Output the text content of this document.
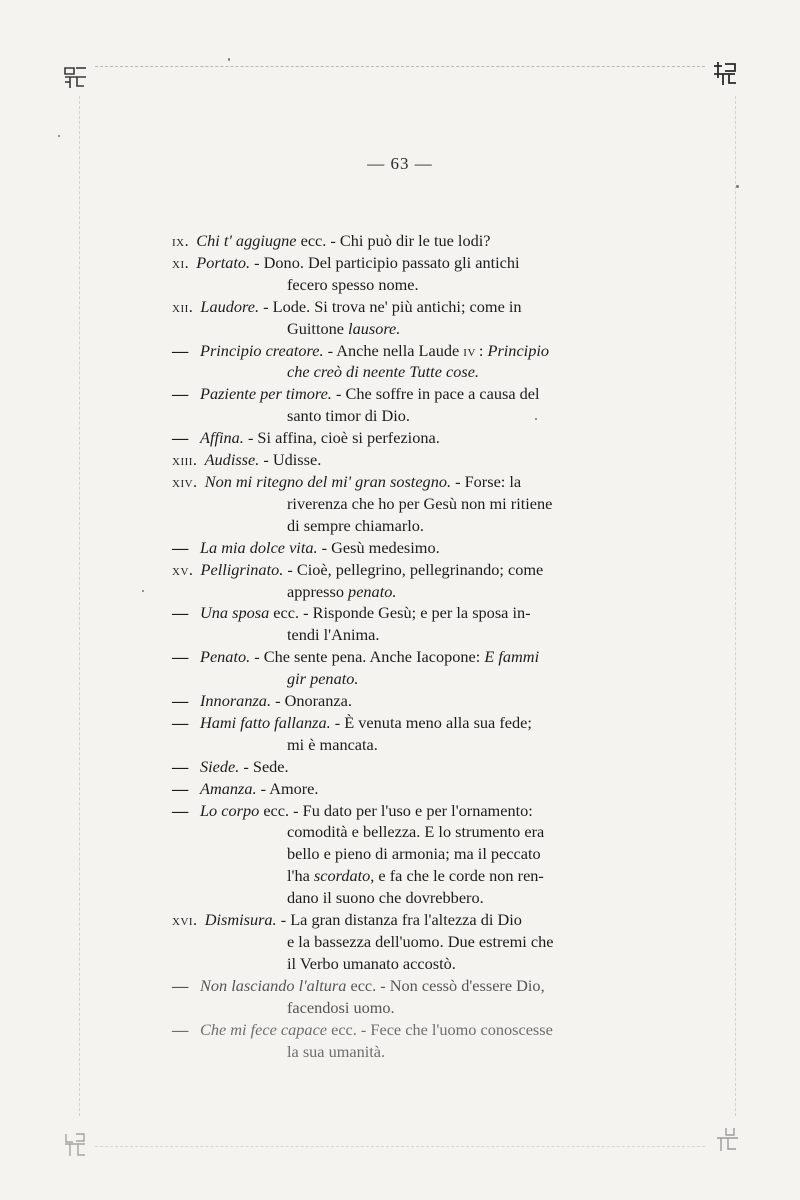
— 63 —
ix. Chi t' aggiugne ecc. - Chi può dir le tue lodi?
xi. Portato. - Dono. Del participio passato gli antichi
fecero spesso nome.
xii. Laudore. - Lode. Si trova ne' più antichi; come in
Guittone lausore.
— Principio creatore. - Anche nella Laude iv : Principio
che creò di neente Tutte cose.
— Paziente per timore. - Che soffre in pace a causa del
santo timor di Dio.
— Affina. - Si affina, cioè si perfeziona.
xiii. Audisse. - Udisse.
xiv. Non mi ritegno del mi' gran sostegno. - Forse: la
riverenza che ho per Gesù non mi ritiene
di sempre chiamarlo.
— La mia dolce vita. - Gesù medesimo.
xv. Pelligrinato. - Cioè, pellegrino, pellegrinando; come
appresso penato.
— Una sposa ecc. - Risponde Gesù; e per la sposa in-
tendi l'Anima.
— Penato. - Che sente pena. Anche Iacopone: E fammi
gir penato.
— Innoranza. - Onoranza.
— Hami fatto fallanza. - È venuta meno alla sua fede;
mi è mancata.
— Siede. - Sede.
— Amanza. - Amore.
— Lo corpo ecc. - Fu dato per l'uso e per l'ornamento:
comodità e bellezza. E lo strumento era
bello e pieno di armonia; ma il peccato
l'ha scordato, e fa che le corde non ren-
dano il suono che dovrebbero.
xvi. Dismisura. - La gran distanza fra l'altezza di Dio
e la bassezza dell'uomo. Due estremi che
il Verbo umanato accostò.
— Non lasciando l'altura ecc. - Non cessò d'essere Dio,
facendosi uomo.
— Che mi fece capace ecc. - Fece che l'uomo conoscesse
la sua umanità.
